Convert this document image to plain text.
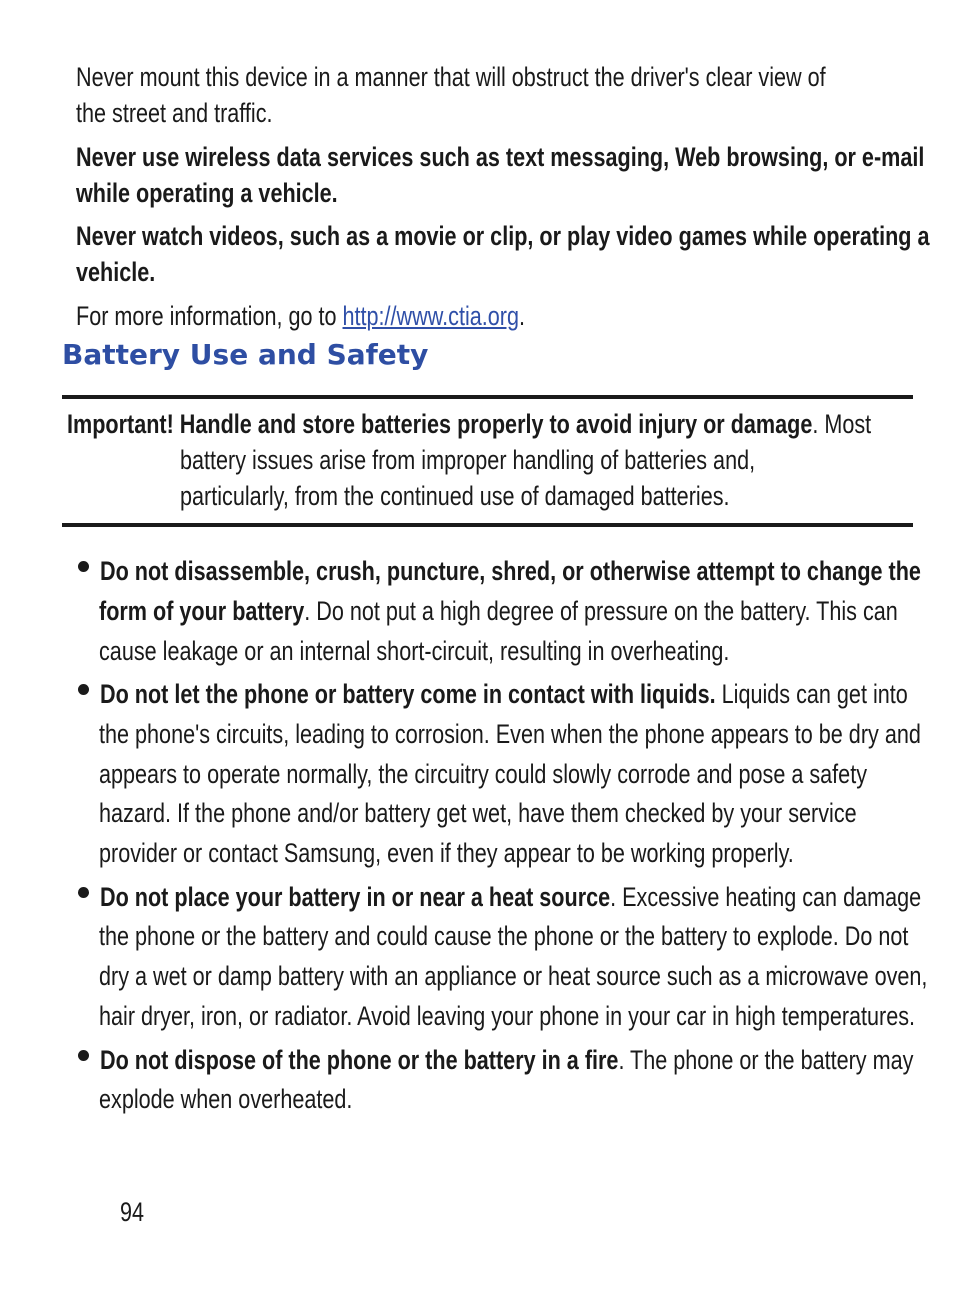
Never mount this device in a manner that will obstruct the driver's clear view of
the street and traffic.
Never use wireless data services such as text messaging, Web browsing, or e-mail
while operating a vehicle.
Never watch videos, such as a movie or clip, or play video games while operating a
vehicle.
For more information, go to http://www.ctia.org.
Battery Use and Safety
Important! Handle and store batteries properly to avoid injury or damage. Most
battery issues arise from improper handling of batteries and,
particularly, from the continued use of damaged batteries.
Do not disassemble, crush, puncture, shred, or otherwise attempt to change the
form of your battery. Do not put a high degree of pressure on the battery. This can
cause leakage or an internal short-circuit, resulting in overheating.
Do not let the phone or battery come in contact with liquids. Liquids can get into
the phone's circuits, leading to corrosion. Even when the phone appears to be dry and
appears to operate normally, the circuitry could slowly corrode and pose a safety
hazard. If the phone and/or battery get wet, have them checked by your service
provider or contact Samsung, even if they appear to be working properly.
Do not place your battery in or near a heat source. Excessive heating can damage
the phone or the battery and could cause the phone or the battery to explode. Do not
dry a wet or damp battery with an appliance or heat source such as a microwave oven,
hair dryer, iron, or radiator. Avoid leaving your phone in your car in high temperatures.
Do not dispose of the phone or the battery in a fire. The phone or the battery may
explode when overheated.
94
